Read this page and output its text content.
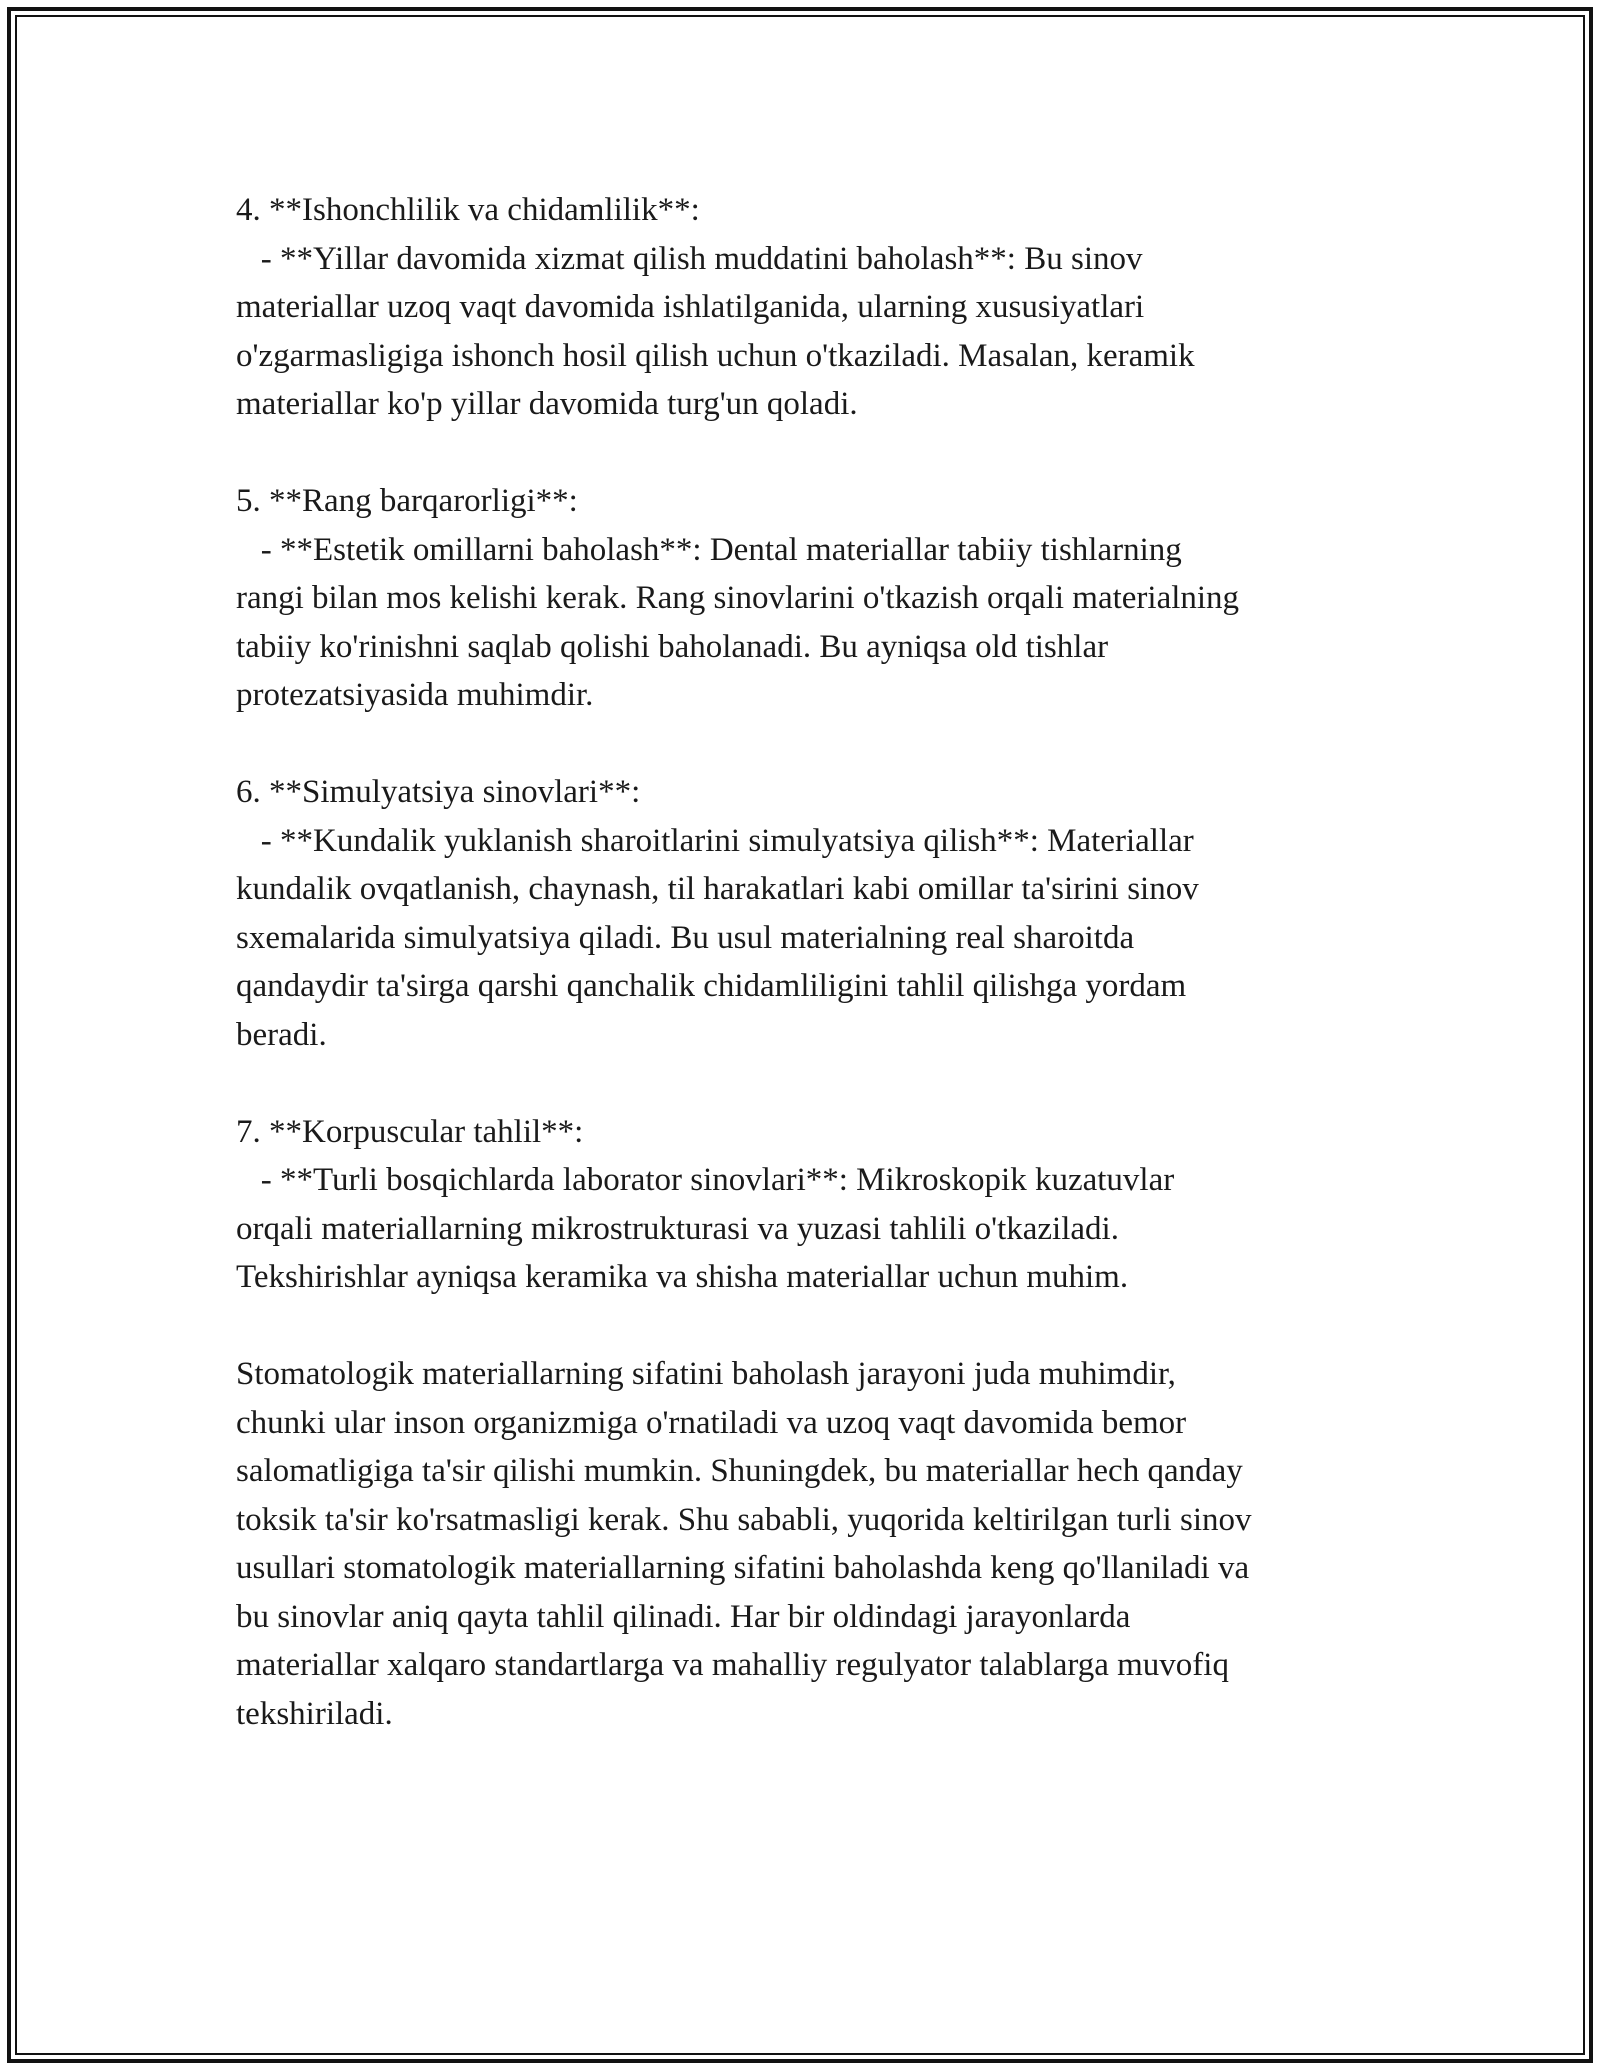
4. **Ishonchlilik va chidamlilik**:
- **Yillar davomida xizmat qilish muddatini baholash**: Bu sinov
materiallar uzoq vaqt davomida ishlatilganida, ularning xususiyatlari
o'zgarmasligiga ishonch hosil qilish uchun o'tkaziladi. Masalan, keramik
materiallar ko'p yillar davomida turg'un qoladi.
5. **Rang barqarorligi**:
- **Estetik omillarni baholash**: Dental materiallar tabiiy tishlarning
rangi bilan mos kelishi kerak. Rang sinovlarini o'tkazish orqali materialning
tabiiy ko'rinishni saqlab qolishi baholanadi. Bu ayniqsa old tishlar
protezatsiyasida muhimdir.
6. **Simulyatsiya sinovlari**:
- **Kundalik yuklanish sharoitlarini simulyatsiya qilish**: Materiallar
kundalik ovqatlanish, chaynash, til harakatlari kabi omillar ta'sirini sinov
sxemalarida simulyatsiya qiladi. Bu usul materialning real sharoitda
qandaydir ta'sirga qarshi qanchalik chidamliligini tahlil qilishga yordam
beradi.
7. **Korpuscular tahlil**:
- **Turli bosqichlarda laborator sinovlari**: Mikroskopik kuzatuvlar
orqali materiallarning mikrostrukturasi va yuzasi tahlili o'tkaziladi.
Tekshirishlar ayniqsa keramika va shisha materiallar uchun muhim.
Stomatologik materiallarning sifatini baholash jarayoni juda muhimdir,
chunki ular inson organizmiga o'rnatiladi va uzoq vaqt davomida bemor
salomatligiga ta'sir qilishi mumkin. Shuningdek, bu materiallar hech qanday
toksik ta'sir ko'rsatmasligi kerak. Shu sababli, yuqorida keltirilgan turli sinov
usullari stomatologik materiallarning sifatini baholashda keng qo'llaniladi va
bu sinovlar aniq qayta tahlil qilinadi. Har bir oldindagi jarayonlarda
materiallar xalqaro standartlarga va mahalliy regulyator talablarga muvofiq
tekshiriladi.
